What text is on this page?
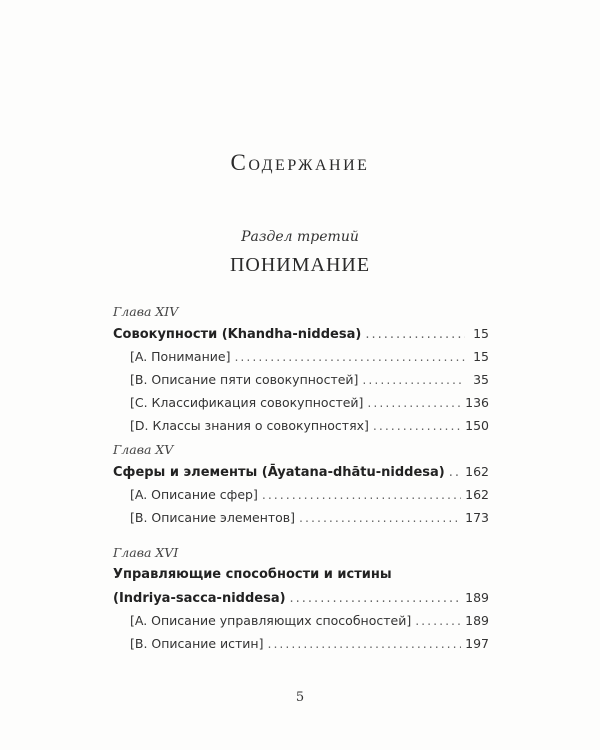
Содержание
Раздел третий
ПОНИМАНИЕ
Глава XIV
Совокупности (Khandha-niddesa) .....	15
[A. Понимание] .....	15
[B. Описание пяти совокупностей] .....	35
[C. Классификация совокупностей] .....	136
[D. Классы знания о совокупностях] .....	150
Глава XV
Сферы и элементы (Āyatana-dhātu-niddesa) ..... 162
[A. Описание сфер] .....	162
[B. Описание элементов] .....	173
Глава XVI
Управляющие способности и истины
(Indriya-sacca-niddesa) .....	189
[A. Описание управляющих способностей] .....	189
[B. Описание истин] .....	197
5
